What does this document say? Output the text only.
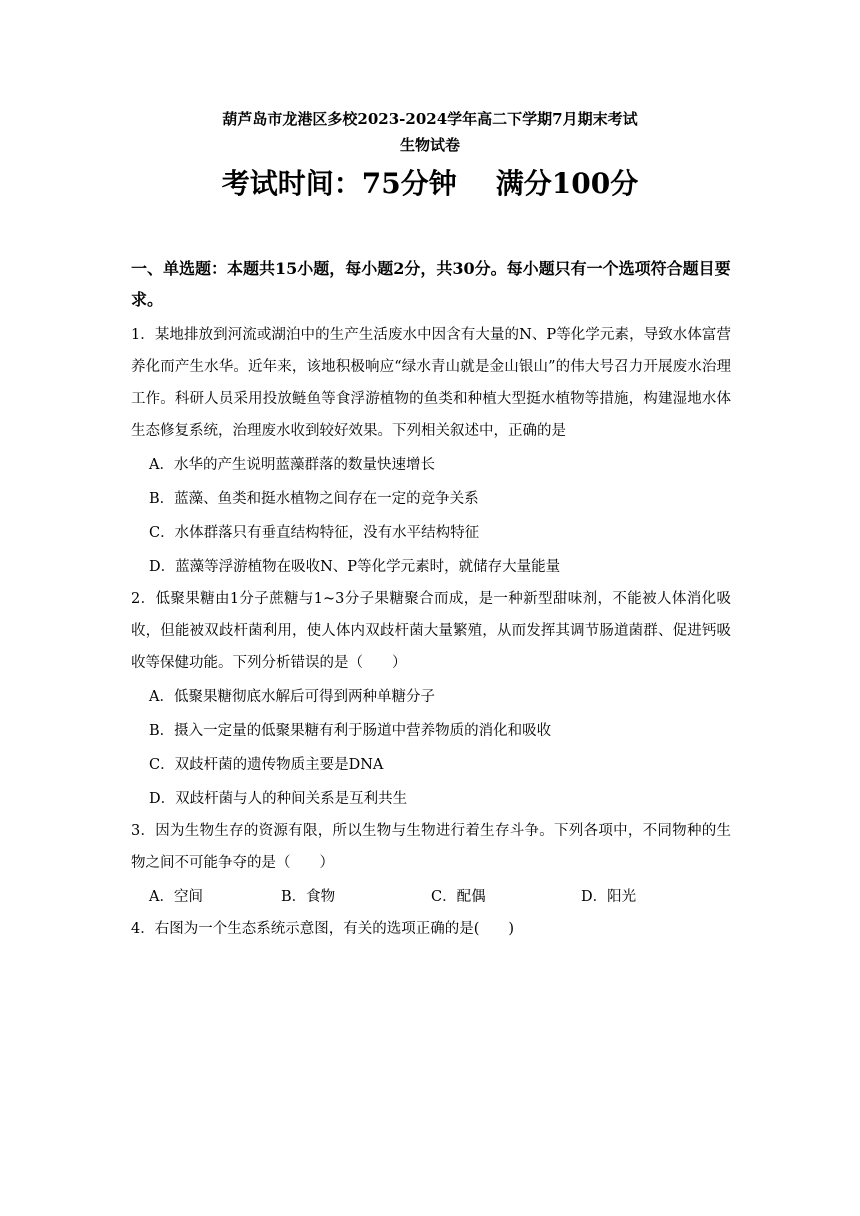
葫芦岛市龙港区多校2023-2024学年高二下学期7月期末考试
生物试卷
考试时间：75分钟    满分100分
一、单选题：本题共15小题，每小题2分，共30分。每小题只有一个选项符合题目要求。

1．某地排放到河流或湖泊中的生产生活废水中因含有大量的N、P等化学元素，导致水体富营养化而产生水华。近年来，该地积极响应“绿水青山就是金山银山”的伟大号召力开展废水治理工作。科研人员采用投放鲢鱼等食浮游植物的鱼类和种植大型挺水植物等措施，构建湿地水体生态修复系统，治理废水收到较好效果。下列相关叙述中，正确的是

A．水华的产生说明蓝藻群落的数量快速增长
B．蓝藻、鱼类和挺水植物之间存在一定的竞争关系
C．水体群落只有垂直结构特征，没有水平结构特征
D．蓝藻等浮游植物在吸收N、P等化学元素时，就储存大量能量

2．低聚果糖由1分子蔗糖与1~3分子果糖聚合而成，是一种新型甜味剂，不能被人体消化吸收，但能被双歧杆菌利用，使人体内双歧杆菌大量繁殖，从而发挥其调节肠道菌群、促进钙吸收等保健功能。下列分析错误的是（　　）

A．低聚果糖彻底水解后可得到两种单糖分子
B．摄入一定量的低聚果糖有利于肠道中营养物质的消化和吸收
C．双歧杆菌的遗传物质主要是DNA
D．双歧杆菌与人的种间关系是互利共生

3．因为生物生存的资源有限，所以生物与生物进行着生存斗争。下列各项中，不同物种的生物之间不可能争夺的是（　　）

A．空间	B．食物	C．配偶	D．阳光

4．右图为一个生态系统示意图，有关的选项正确的是(　　)
